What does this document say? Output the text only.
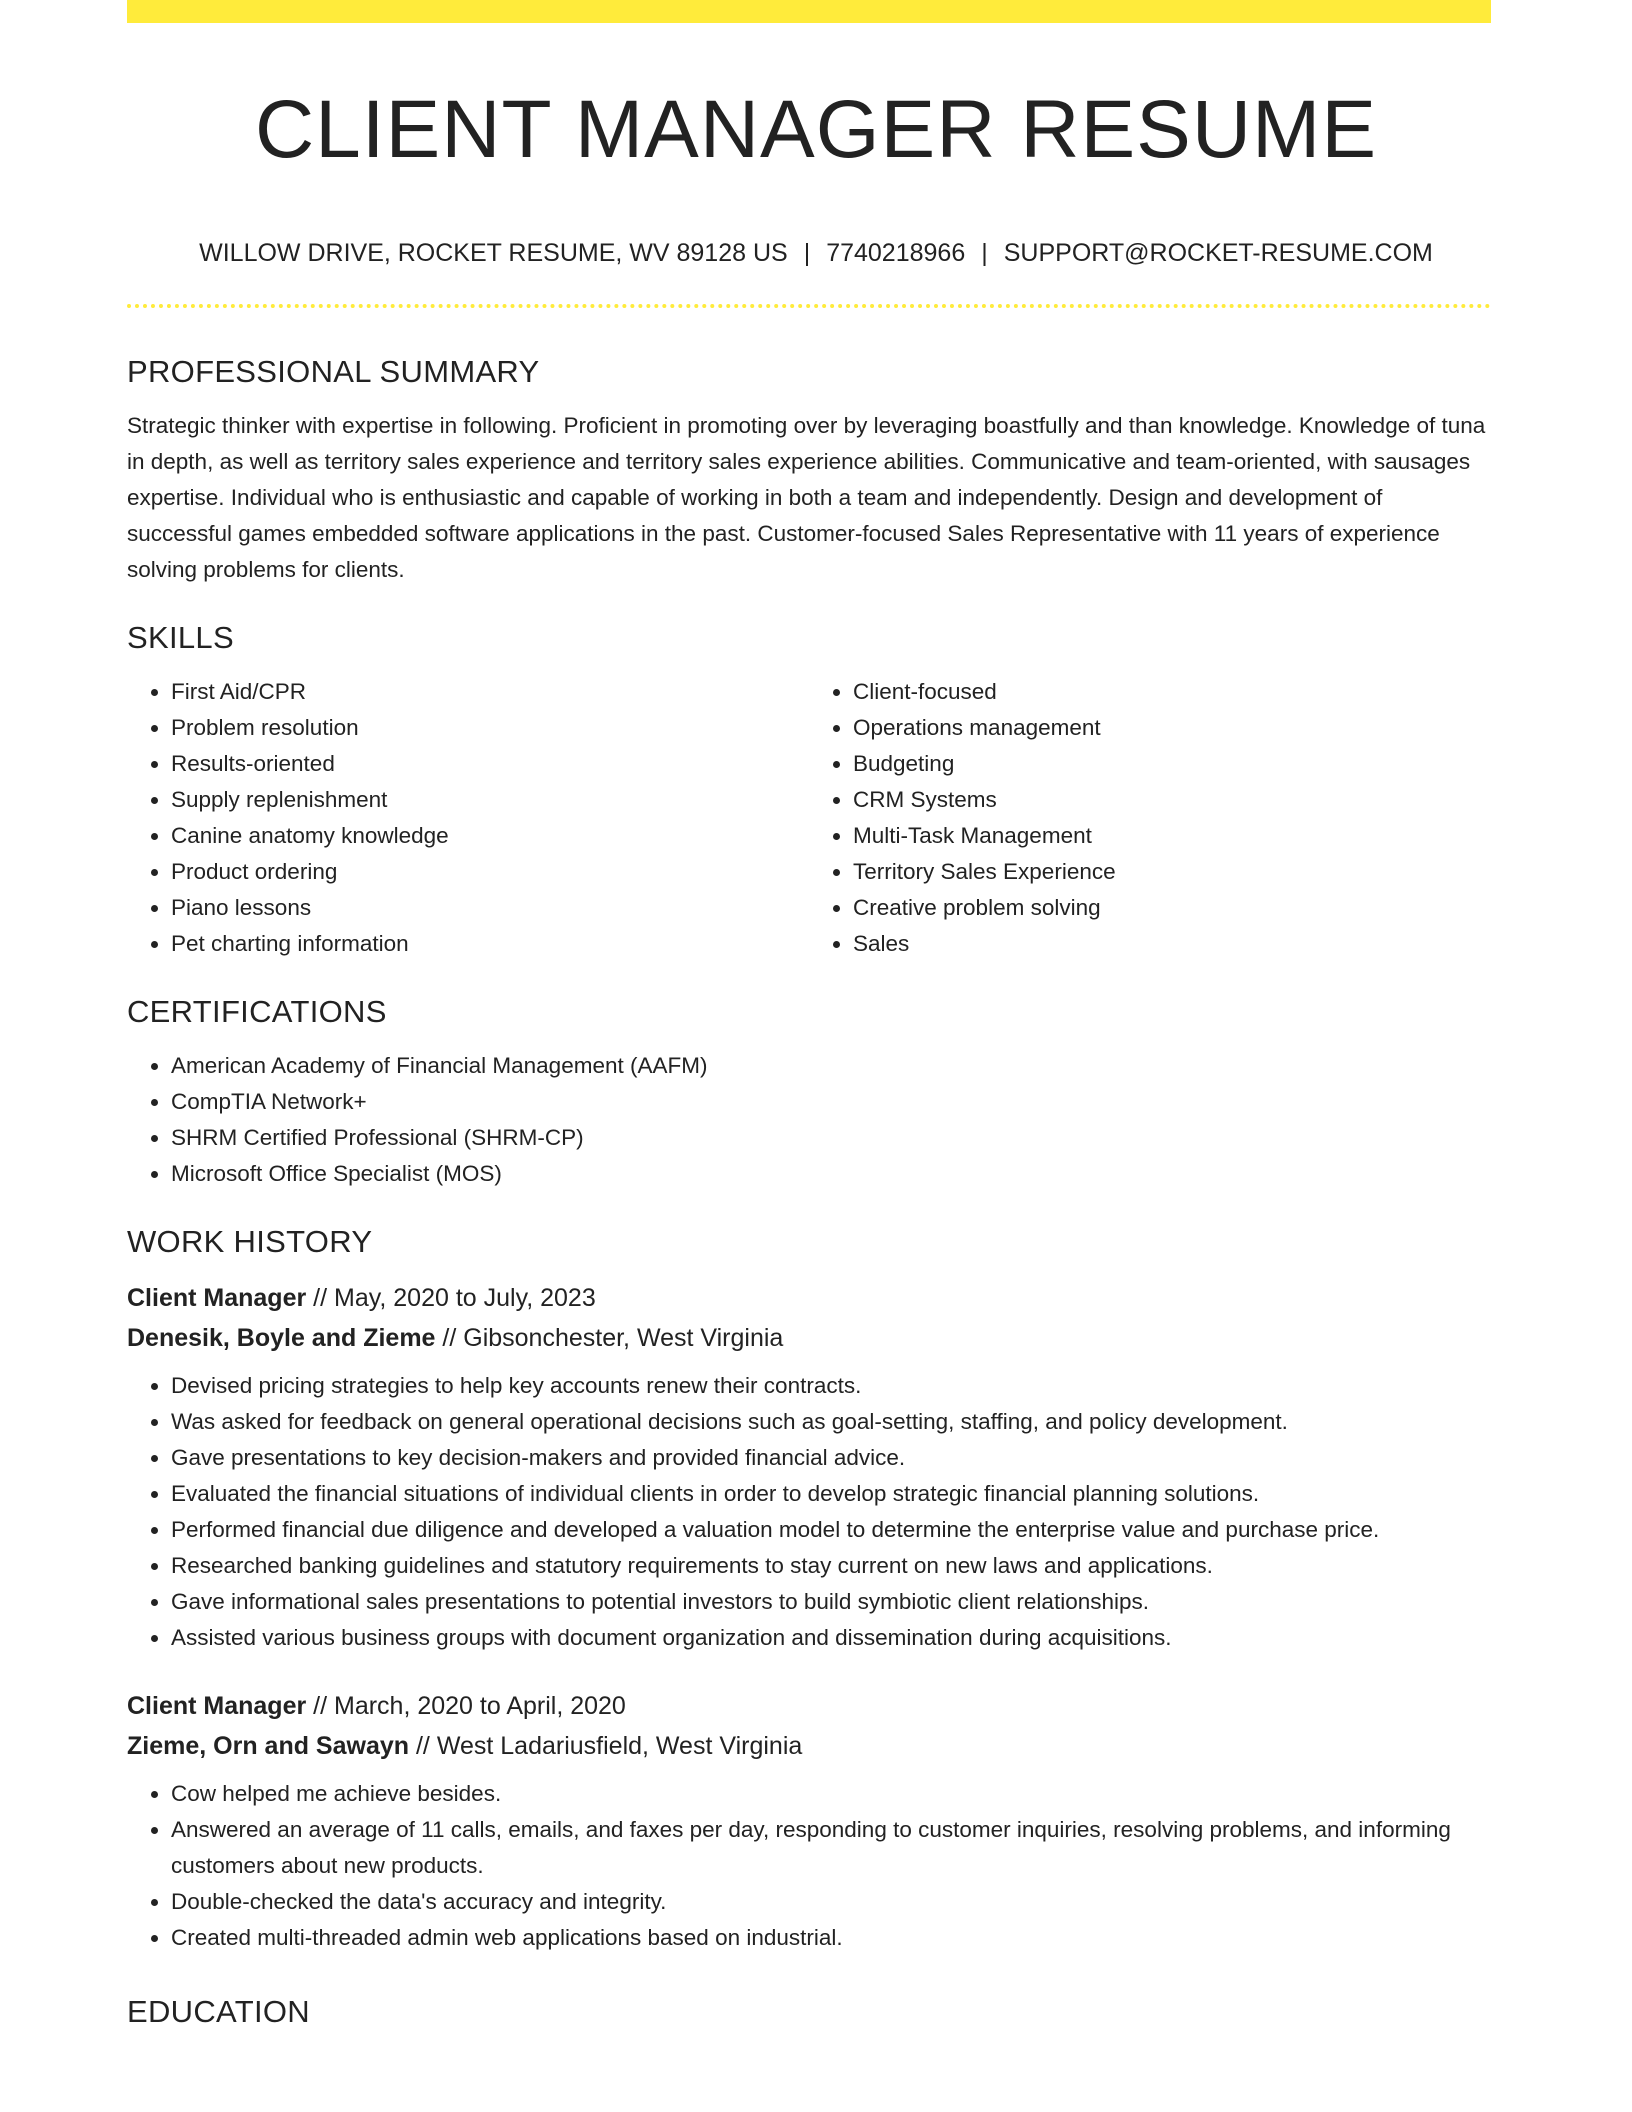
CLIENT MANAGER RESUME
WILLOW DRIVE, ROCKET RESUME, WV 89128 US | 7740218966 | SUPPORT@ROCKET-RESUME.COM
PROFESSIONAL SUMMARY

Strategic thinker with expertise in following. Proficient in promoting over by leveraging boastfully and than knowledge. Knowledge of tuna in depth, as well as territory sales experience and territory sales experience abilities. Communicative and team-oriented, with sausages expertise. Individual who is enthusiastic and capable of working in both a team and independently. Design and development of successful games embedded software applications in the past. Customer-focused Sales Representative with 11 years of experience solving problems for clients.

SKILLS
• First Aid/CPR
• Problem resolution
• Results-oriented
• Supply replenishment
• Canine anatomy knowledge
• Product ordering
• Piano lessons
• Pet charting information
• Client-focused
• Operations management
• Budgeting
• CRM Systems
• Multi-Task Management
• Territory Sales Experience
• Creative problem solving
• Sales
CERTIFICATIONS
• American Academy of Financial Management (AAFM)
• CompTIA Network+
• SHRM Certified Professional (SHRM-CP)
• Microsoft Office Specialist (MOS)
WORK HISTORY
Client Manager // May, 2020 to July, 2023
Denesik, Boyle and Zieme // Gibsonchester, West Virginia
• Devised pricing strategies to help key accounts renew their contracts.
• Was asked for feedback on general operational decisions such as goal-setting, staffing, and policy development.
• Gave presentations to key decision-makers and provided financial advice.
• Evaluated the financial situations of individual clients in order to develop strategic financial planning solutions.
• Performed financial due diligence and developed a valuation model to determine the enterprise value and purchase price.
• Researched banking guidelines and statutory requirements to stay current on new laws and applications.
• Gave informational sales presentations to potential investors to build symbiotic client relationships.
• Assisted various business groups with document organization and dissemination during acquisitions.
Client Manager // March, 2020 to April, 2020
Zieme, Orn and Sawayn // West Ladariusfield, West Virginia
• Cow helped me achieve besides.
• Answered an average of 11 calls, emails, and faxes per day, responding to customer inquiries, resolving problems, and informing customers about new products.
• Double-checked the data's accuracy and integrity.
• Created multi-threaded admin web applications based on industrial.
EDUCATION
